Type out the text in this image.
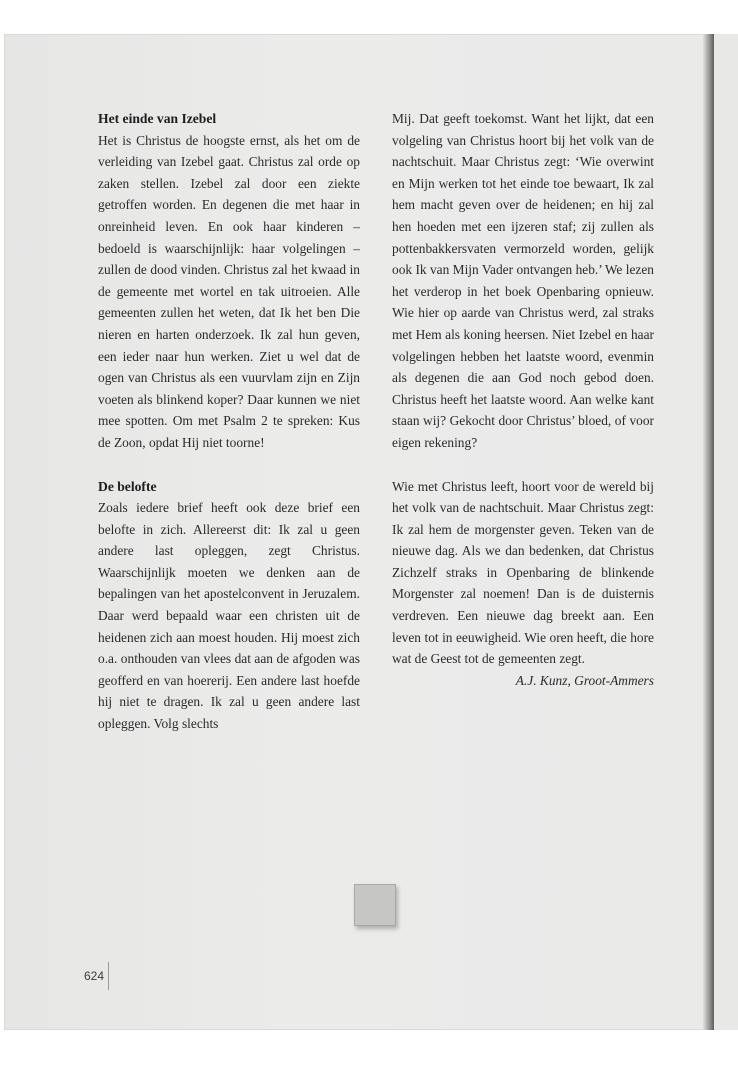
Het einde van Izebel

Het is Christus de hoogste ernst, als het om de verleiding van Izebel gaat. Christus zal orde op zaken stellen. Izebel zal door een ziekte getroffen worden. En degenen die met haar in onreinheid leven. En ook haar kinderen – bedoeld is waarschijnlijk: haar volgelingen – zullen de dood vinden. Christus zal het kwaad in de gemeente met wortel en tak uitroeien. Alle gemeenten zullen het weten, dat Ik het ben Die nieren en harten onderzoek. Ik zal hun geven, een ieder naar hun werken. Ziet u wel dat de ogen van Christus als een vuurvlam zijn en Zijn voeten als blinkend koper? Daar kunnen we niet mee spotten. Om met Psalm 2 te spreken: Kus de Zoon, opdat Hij niet toorne!

De belofte

Zoals iedere brief heeft ook deze brief een belofte in zich. Allereerst dit: Ik zal u geen andere last opleggen, zegt Christus. Waarschijnlijk moeten we denken aan de bepalingen van het apostelconvent in Jeruzalem. Daar werd bepaald waar een christen uit de heidenen zich aan moest houden. Hij moest zich o.a. onthouden van vlees dat aan de afgoden was geofferd en van hoererij. Een andere last hoefde hij niet te dragen. Ik zal u geen andere last opleggen. Volg slechts

Mij. Dat geeft toekomst. Want het lijkt, dat een volgeling van Christus hoort bij het volk van de nachtschuit. Maar Christus zegt: ‘Wie overwint en Mijn werken tot het einde toe bewaart, Ik zal hem macht geven over de heidenen; en hij zal hen hoeden met een ijzeren staf; zij zullen als pottenbakkersvaten vermorzeld worden, gelijk ook Ik van Mijn Vader ontvangen heb.’ We lezen het verderop in het boek Openbaring opnieuw. Wie hier op aarde van Christus werd, zal straks met Hem als koning heersen. Niet Izebel en haar volgelingen hebben het laatste woord, evenmin als degenen die aan God noch gebod doen. Christus heeft het laatste woord. Aan welke kant staan wij? Gekocht door Christus’ bloed, of voor eigen rekening?

Wie met Christus leeft, hoort voor de wereld bij het volk van de nachtschuit. Maar Christus zegt: Ik zal hem de morgenster geven. Teken van de nieuwe dag. Als we dan bedenken, dat Christus Zichzelf straks in Openbaring de blinkende Morgenster zal noemen! Dan is de duisternis verdreven. Een nieuwe dag breekt aan. Een leven tot in eeuwigheid. Wie oren heeft, die hore wat de Geest tot de gemeenten zegt.

A.J. Kunz, Groot-Ammers

624
